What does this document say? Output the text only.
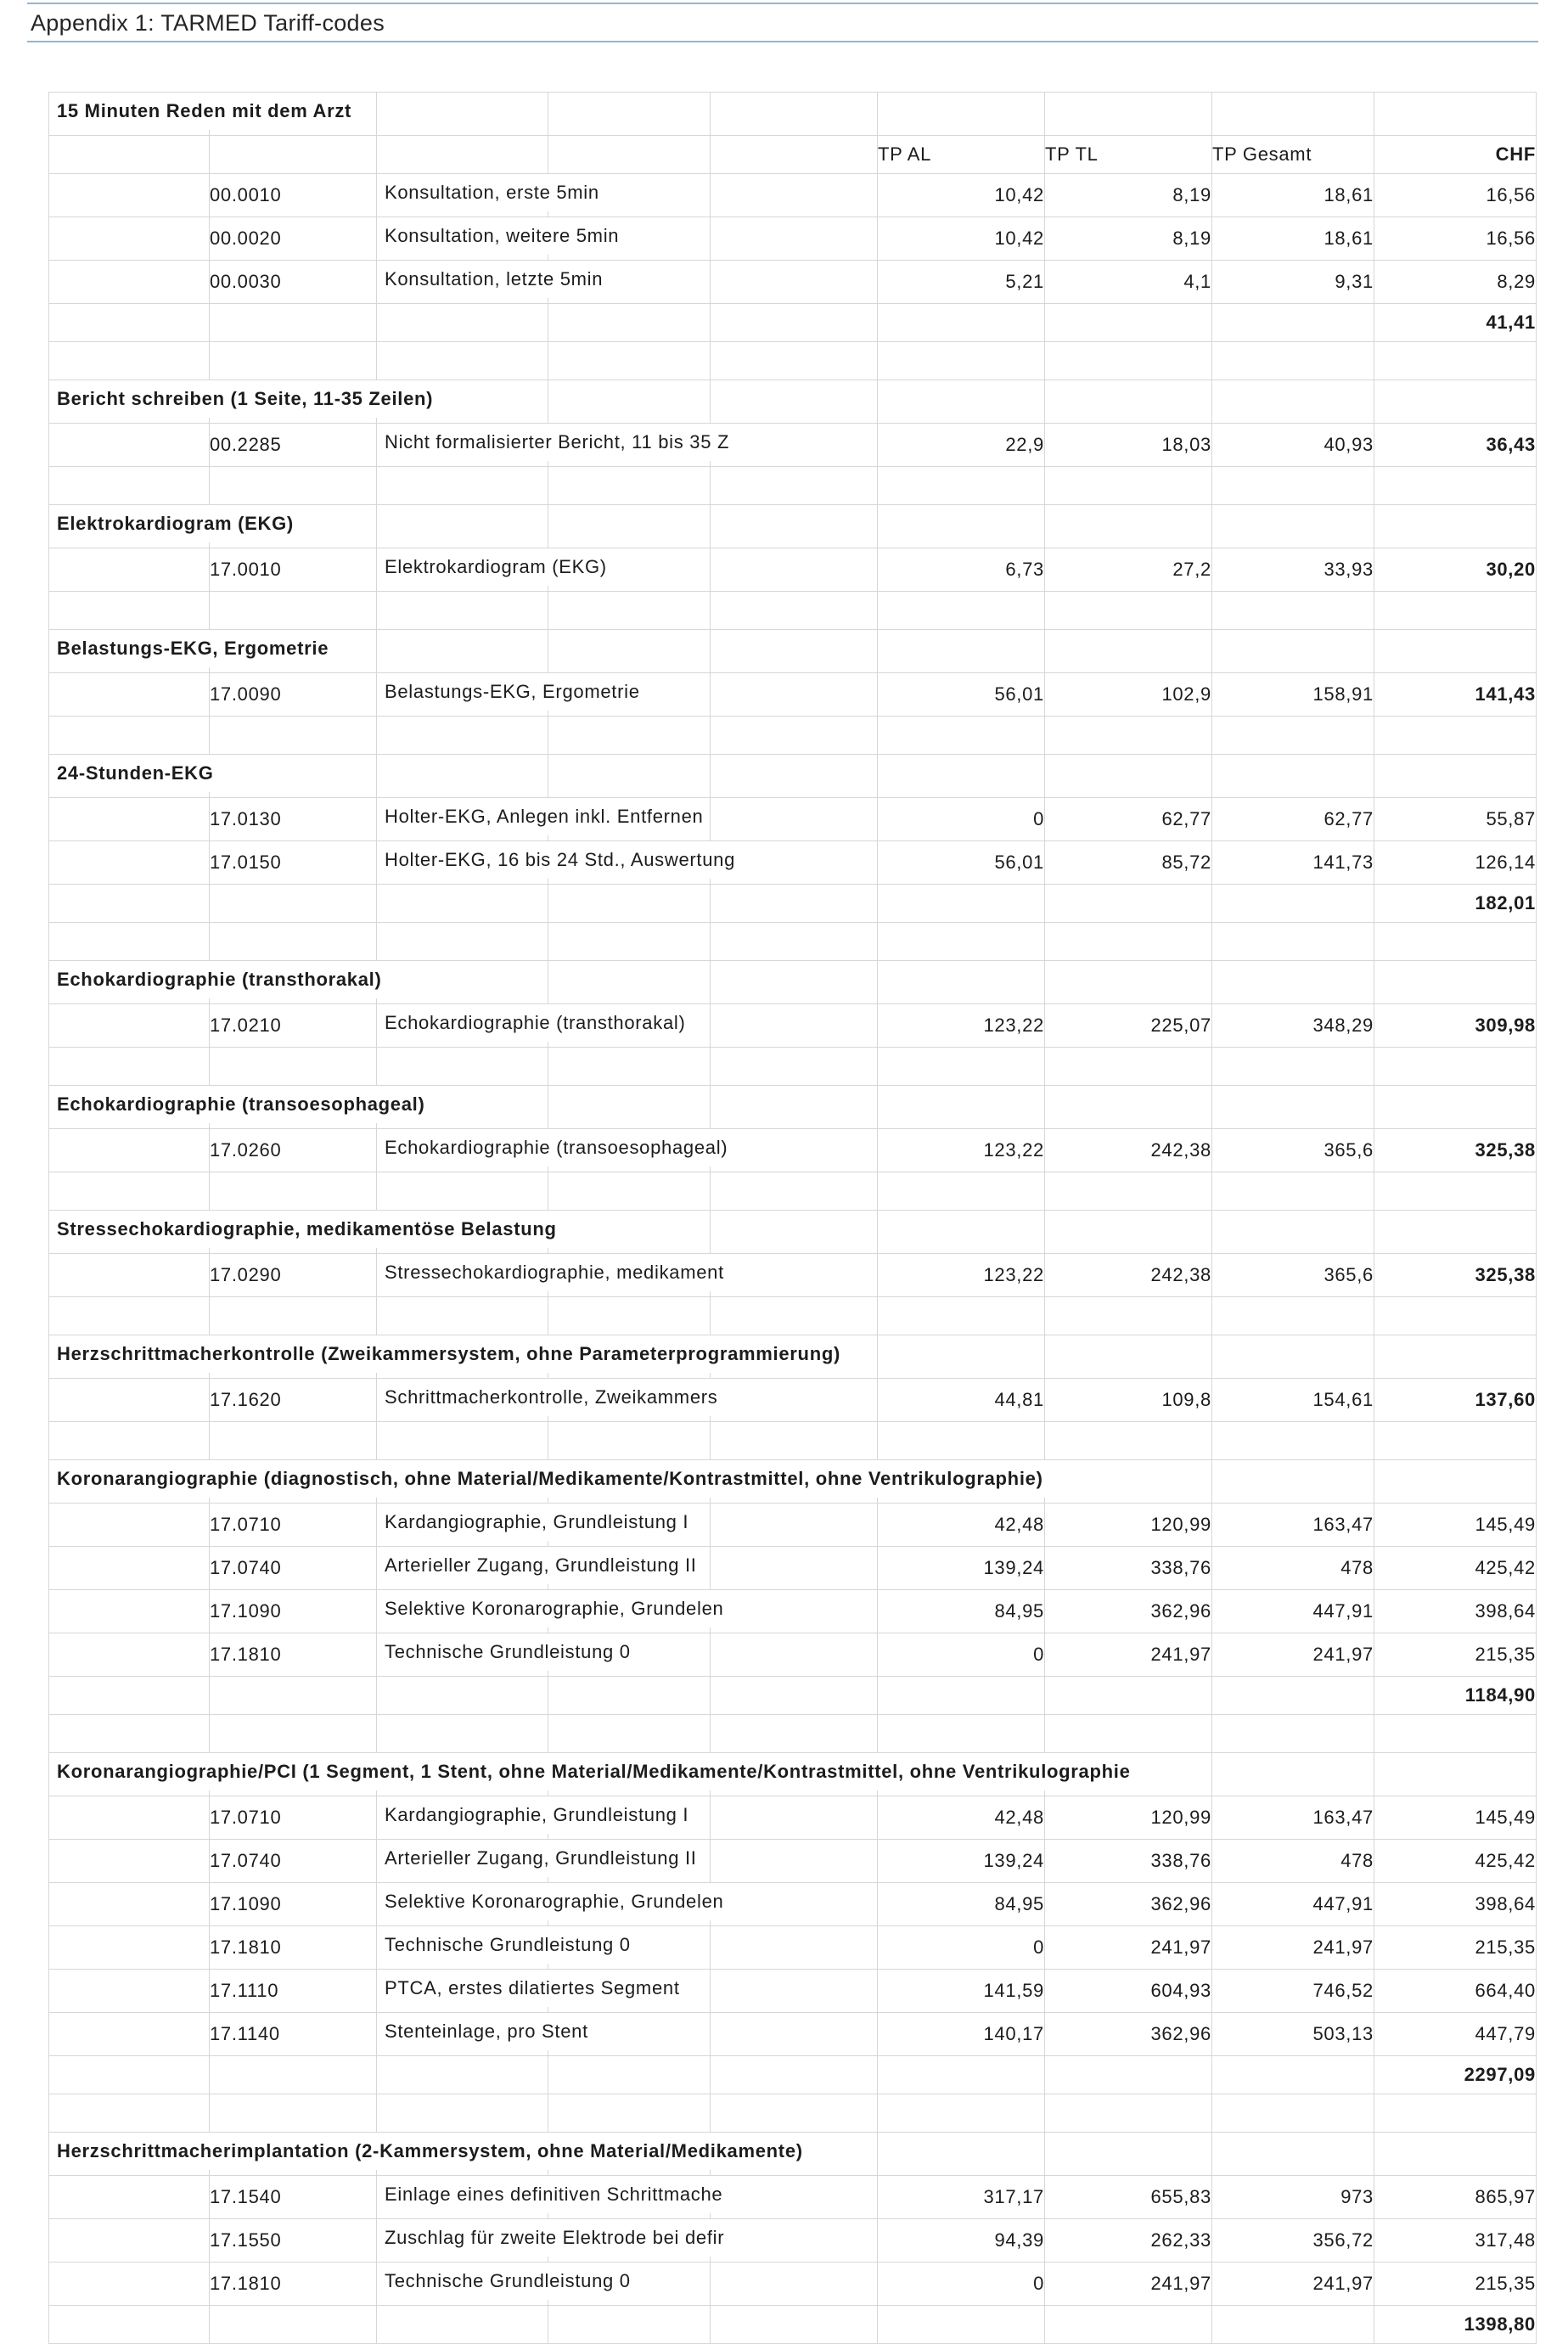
Appendix 1: TARMED Tariff-codes
15 Minuten Reden mit dem Arzt								
					TP AL	TP TL	TP Gesamt	CHF
	00.0010	Konsultation, erste 5min			10,42	8,19	18,61	16,56
	00.0020	Konsultation, weitere 5min			10,42	8,19	18,61	16,56
	00.0030	Konsultation, letzte 5min			5,21	4,1	9,31	8,29
								41,41

Bericht schreiben (1 Seite, 11-35 Zeilen)								
	00.2285	Nicht formalisierter Bericht, 11 bis 35 Z			22,9	18,03	40,93	36,43

Elektrokardiogram (EKG)								
	17.0010	Elektrokardiogram (EKG)			6,73	27,2	33,93	30,20

Belastungs-EKG, Ergometrie								
	17.0090	Belastungs-EKG, Ergometrie			56,01	102,9	158,91	141,43

24-Stunden-EKG								
	17.0130	Holter-EKG, Anlegen inkl. Entfernen			0	62,77	62,77	55,87
	17.0150	Holter-EKG, 16 bis 24 Std., Auswertung			56,01	85,72	141,73	126,14
								182,01

Echokardiographie (transthorakal)								
	17.0210	Echokardiographie (transthorakal)			123,22	225,07	348,29	309,98

Echokardiographie (transoesophageal)								
	17.0260	Echokardiographie (transoesophageal)			123,22	242,38	365,6	325,38

Stressechokardiographie, medikamentöse Belastung								
	17.0290	Stressechokardiographie, medikament			123,22	242,38	365,6	325,38

Herzschrittmacherkontrolle (Zweikammersystem, ohne Parameterprogrammierung)								
	17.1620	Schrittmacherkontrolle, Zweikammers			44,81	109,8	154,61	137,60

Koronarangiographie (diagnostisch, ohne Material/Medikamente/Kontrastmittel, ohne Ventrikulographie)								
	17.0710	Kardangiographie, Grundleistung I			42,48	120,99	163,47	145,49
	17.0740	Arterieller Zugang, Grundleistung II			139,24	338,76	478	425,42
	17.1090	Selektive Koronarographie, Grundelen			84,95	362,96	447,91	398,64
	17.1810	Technische Grundleistung 0			0	241,97	241,97	215,35
								1184,90

Koronarangiographie/PCI (1 Segment, 1 Stent, ohne Material/Medikamente/Kontrastmittel, ohne Ventrikulographie								
	17.0710	Kardangiographie, Grundleistung I			42,48	120,99	163,47	145,49
	17.0740	Arterieller Zugang, Grundleistung II			139,24	338,76	478	425,42
	17.1090	Selektive Koronarographie, Grundelen			84,95	362,96	447,91	398,64
	17.1810	Technische Grundleistung 0			0	241,97	241,97	215,35
	17.1110	PTCA, erstes dilatiertes Segment			141,59	604,93	746,52	664,40
	17.1140	Stenteinlage, pro Stent			140,17	362,96	503,13	447,79
								2297,09

Herzschrittmacherimplantation (2-Kammersystem, ohne Material/Medikamente)								
	17.1540	Einlage eines definitiven Schrittmache			317,17	655,83	973	865,97
	17.1550	Zuschlag für zweite Elektrode bei defir			94,39	262,33	356,72	317,48
	17.1810	Technische Grundleistung 0			0	241,97	241,97	215,35
								1398,80
